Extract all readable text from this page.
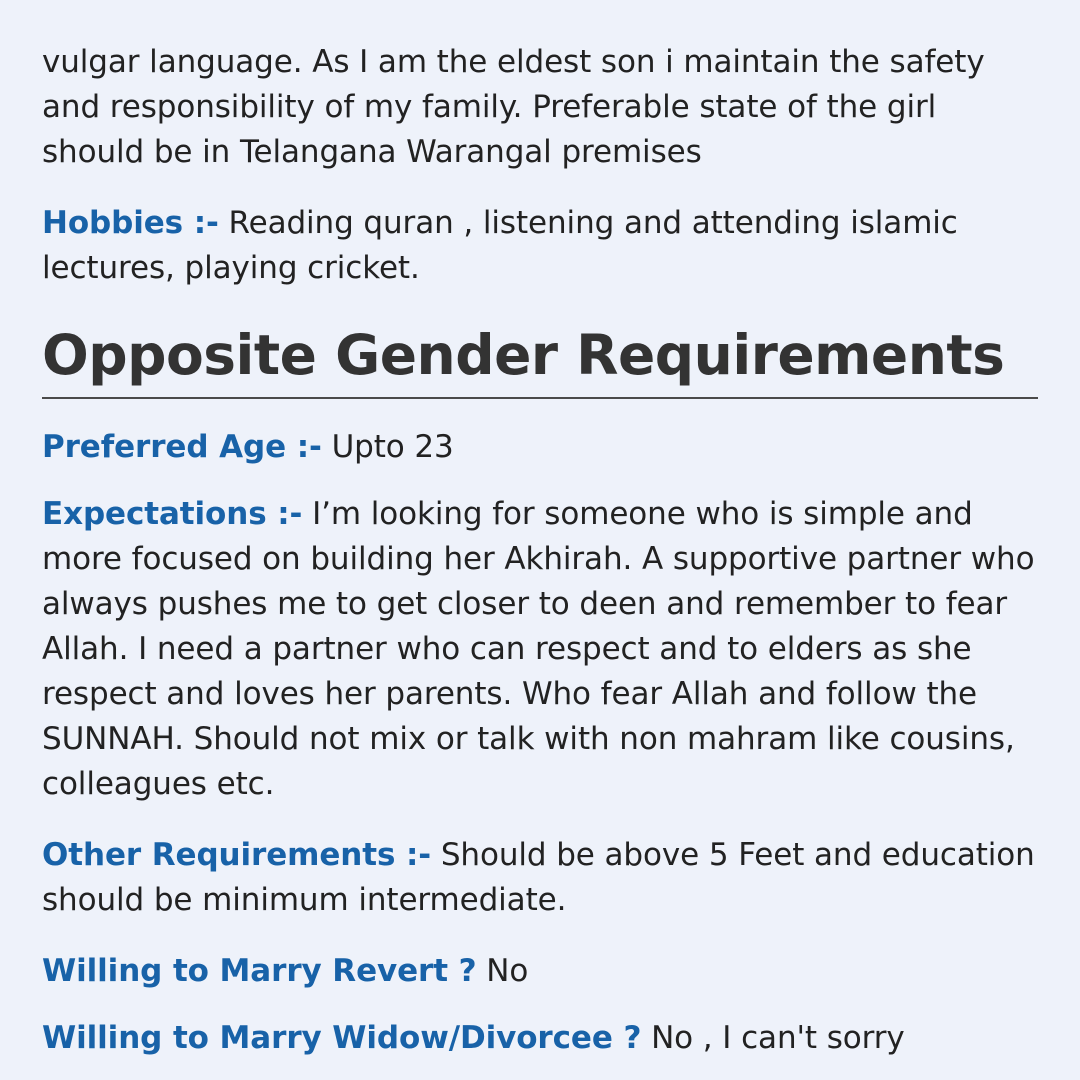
vulgar language. As I am the eldest son i maintain the safety and responsibility of my family. Preferable state of the girl should be in Telangana Warangal premises

Hobbies :- Reading quran , listening and attending islamic lectures, playing cricket.

Opposite Gender Requirements

Preferred Age :- Upto 23

Expectations :- I’m looking for someone who is simple and more focused on building her Akhirah. A supportive partner who always pushes me to get closer to deen and remember to fear Allah. I need a partner who can respect and to elders as she respect and loves her parents. Who fear Allah and follow the SUNNAH. Should not mix or talk with non mahram like cousins, colleagues etc.

Other Requirements :- Should be above 5 Feet and education should be minimum intermediate.

Willing to Marry Revert ? No

Willing to Marry Widow/Divorcee ? No , I can't sorry
